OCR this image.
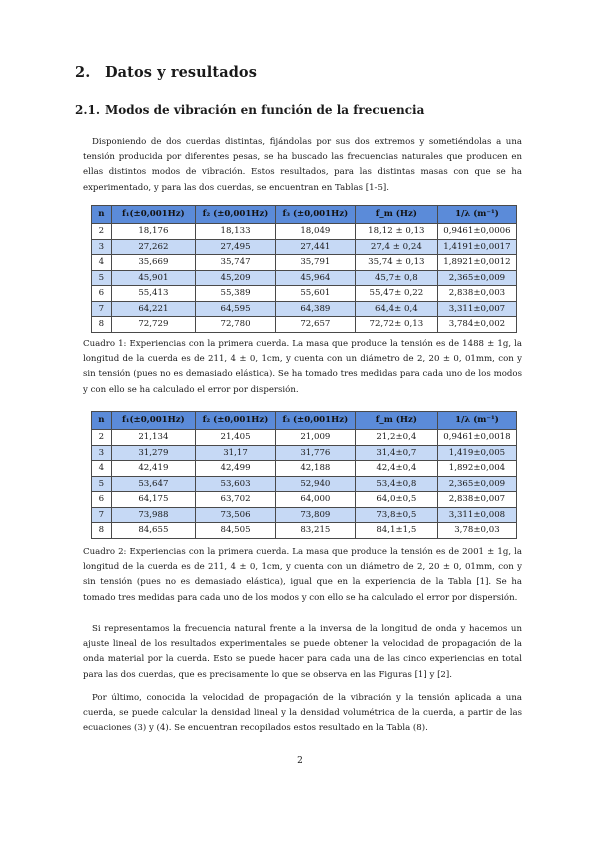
2. Datos y resultados
2.1. Modos de vibración en función de la frecuencia

Disponiendo de dos cuerdas distintas, fijándolas por sus dos extremos y sometiéndolas a una tensión producida por diferentes pesas, se ha buscado las frecuencias naturales que producen en ellas distintos modos de vibración. Estos resultados, para las distintas masas con que se ha experimentado, y para las dos cuerdas, se encuentran en Tablas [1-5].

n	f₁(±0,001Hz)	f₂ (±0,001Hz)	f₃ (±0,001Hz)	f_m (Hz)	1/λ (m⁻¹)
2	18,176	18,133	18,049	18,12 ± 0,13	0,9461±0,0006
3	27,262	27,495	27,441	27,4 ± 0,24	1,4191±0,0017
4	35,669	35,747	35,791	35,74 ± 0,13	1,8921±0,0012
5	45,901	45,209	45,964	45,7± 0,8	2,365±0,009
6	55,413	55,389	55,601	55,47± 0,22	2,838±0,003
7	64,221	64,595	64,389	64,4± 0,4	3,311±0,007
8	72,729	72,780	72,657	72,72± 0,13	3,784±0,002

Cuadro 1: Experiencias con la primera cuerda. La masa que produce la tensión es de 1488 ± 1g, la longitud de la cuerda es de 211, 4 ± 0, 1cm, y cuenta con un diámetro de 2, 20 ± 0, 01mm, con y sin tensión (pues no es demasiado elástica). Se ha tomado tres medidas para cada uno de los modos y con ello se ha calculado el error por dispersión.

n	f₁(±0,001Hz)	f₂ (±0,001Hz)	f₃ (±0,001Hz)	f_m (Hz)	1/λ (m⁻¹)
2	21,134	21,405	21,009	21,2±0,4	0,9461±0,0018
3	31,279	31,17	31,776	31,4±0,7	1,419±0,005
4	42,419	42,499	42,188	42,4±0,4	1,892±0,004
5	53,647	53,603	52,940	53,4±0,8	2,365±0,009
6	64,175	63,702	64,000	64,0±0,5	2,838±0,007
7	73,988	73,506	73,809	73,8±0,5	3,311±0,008
8	84,655	84,505	83,215	84,1±1,5	3,78±0,03

Cuadro 2: Experiencias con la primera cuerda. La masa que produce la tensión es de 2001 ± 1g, la longitud de la cuerda es de 211, 4 ± 0, 1cm, y cuenta con un diámetro de 2, 20 ± 0, 01mm, con y sin tensión (pues no es demasiado elástica), igual que en la experiencia de la Tabla [1]. Se ha tomado tres medidas para cada uno de los modos y con ello se ha calculado el error por dispersión.

Si representamos la frecuencia natural frente a la inversa de la longitud de onda y hacemos un ajuste lineal de los resultados experimentales se puede obtener la velocidad de propagación de la onda material por la cuerda. Esto se puede hacer para cada una de las cinco experiencias en total para las dos cuerdas, que es precisamente lo que se observa en las Figuras [1] y [2].

Por último, conocida la velocidad de propagación de la vibración y la tensión aplicada a una cuerda, se puede calcular la densidad lineal y la densidad volumétrica de la cuerda, a partir de las ecuaciones (3) y (4). Se encuentran recopilados estos resultado en la Tabla (8).

2
